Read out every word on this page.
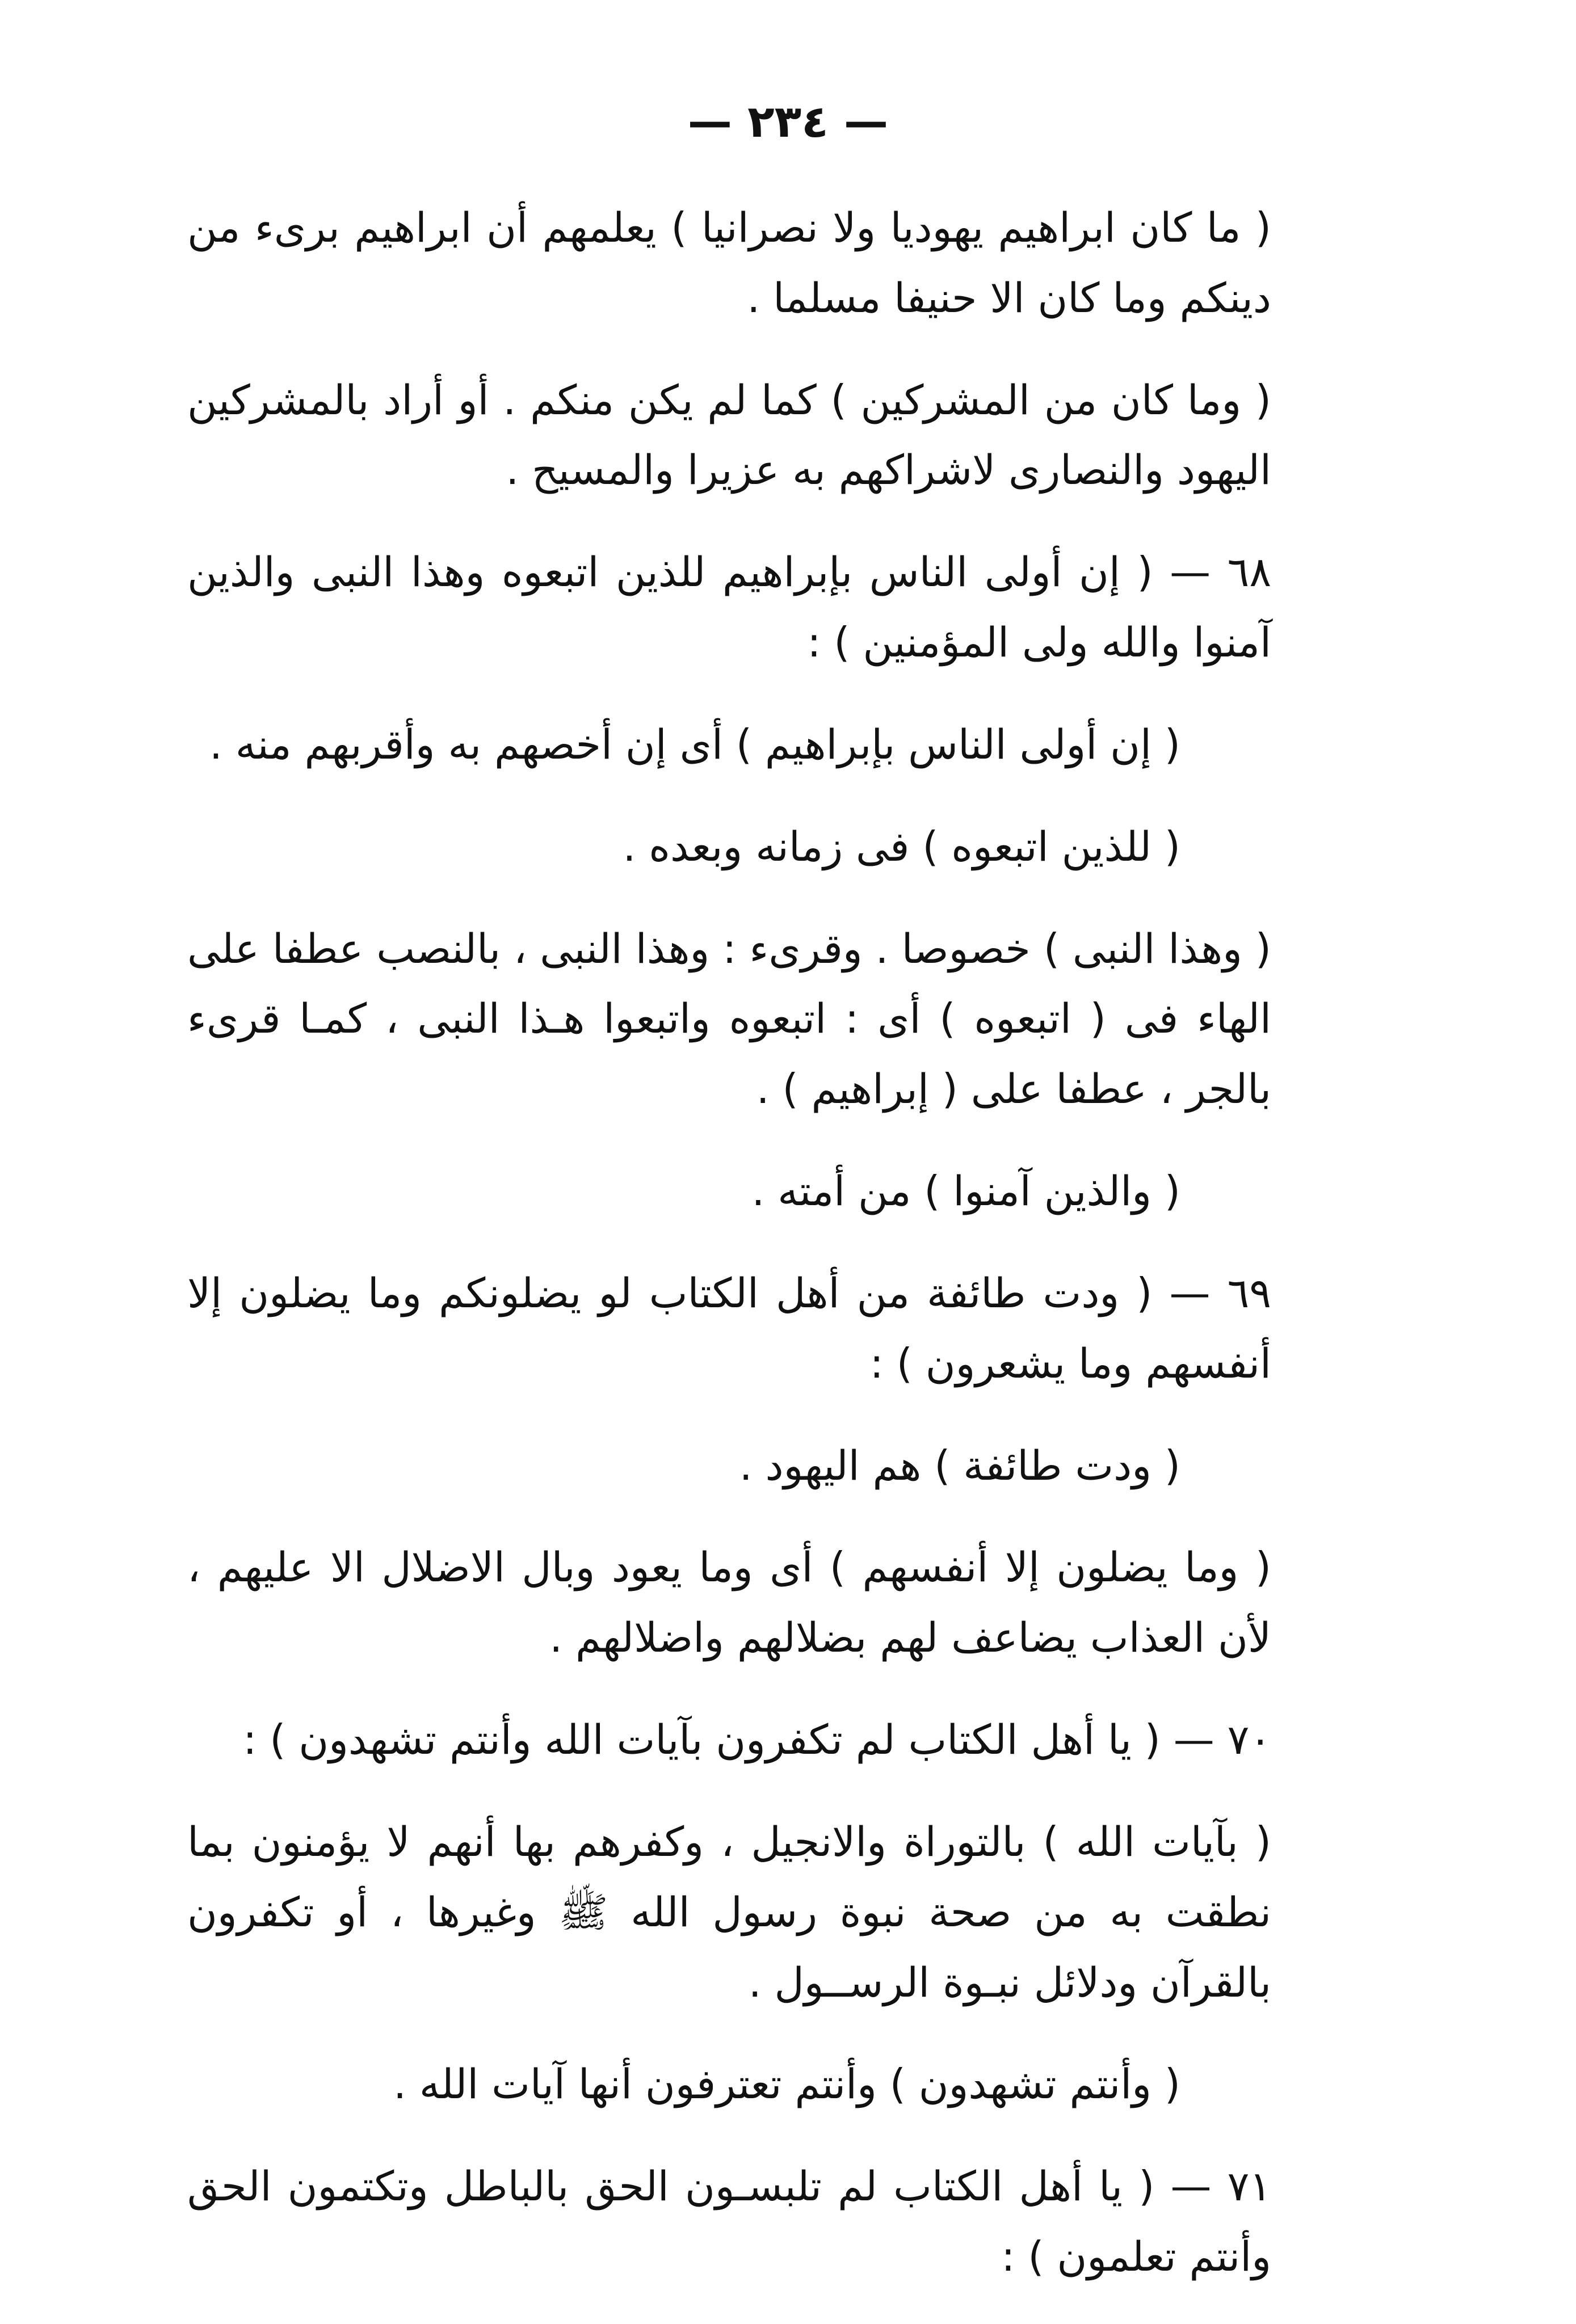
— ٢٣٤ —

( ما كان ابراهيم يهوديا ولا نصرانيا ) يعلمهم أن ابراهيم برىء من دينكم وما كان الا حنيفا مسلما .

( وما كان من المشركين ) كما لم يكن منكم . أو أراد بالمشركين اليهود والنصارى لاشراكهم به عزيرا والمسيح .

٦٨ — ( إن أولى الناس بإبراهيم للذين اتبعوه وهذا النبى والذين آمنوا والله ولى المؤمنين ) :

( إن أولى الناس بإبراهيم ) أى إن أخصهم به وأقربهم منه .

( للذين اتبعوه ) فى زمانه وبعده .

( وهذا النبى ) خصوصا . وقرىء : وهذا النبى ، بالنصب عطفا على الهاء فى ( اتبعوه ) أى : اتبعوه واتبعوا هـذا النبى ، كمـا قرىء بالجر ، عطفا على ( إبراهيم ) .

( والذين آمنوا ) من أمته .

٦٩ — ( ودت طائفة من أهل الكتاب لو يضلونكم وما يضلون إلا أنفسهم وما يشعرون ) :

( ودت طائفة ) هم اليهود .

( وما يضلون إلا أنفسهم ) أى وما يعود وبال الاضلال الا عليهم ، لأن العذاب يضاعف لهم بضلالهم واضلالهم .

٧٠ — ( يا أهل الكتاب لم تكفرون بآيات الله وأنتم تشهدون ) :

( بآيات الله ) بالتوراة والانجيل ، وكفرهم بها أنهم لا يؤمنون بما نطقت به من صحة نبوة رسول الله ﷺ وغيرها ، أو تكفرون بالقرآن ودلائل نبـوة الرســول .

( وأنتم تشهدون ) وأنتم تعترفون أنها آيات الله .

٧١ — ( يا أهل الكتاب لم تلبسـون الحق بالباطل وتكتمون الحق وأنتم تعلمون ) :
